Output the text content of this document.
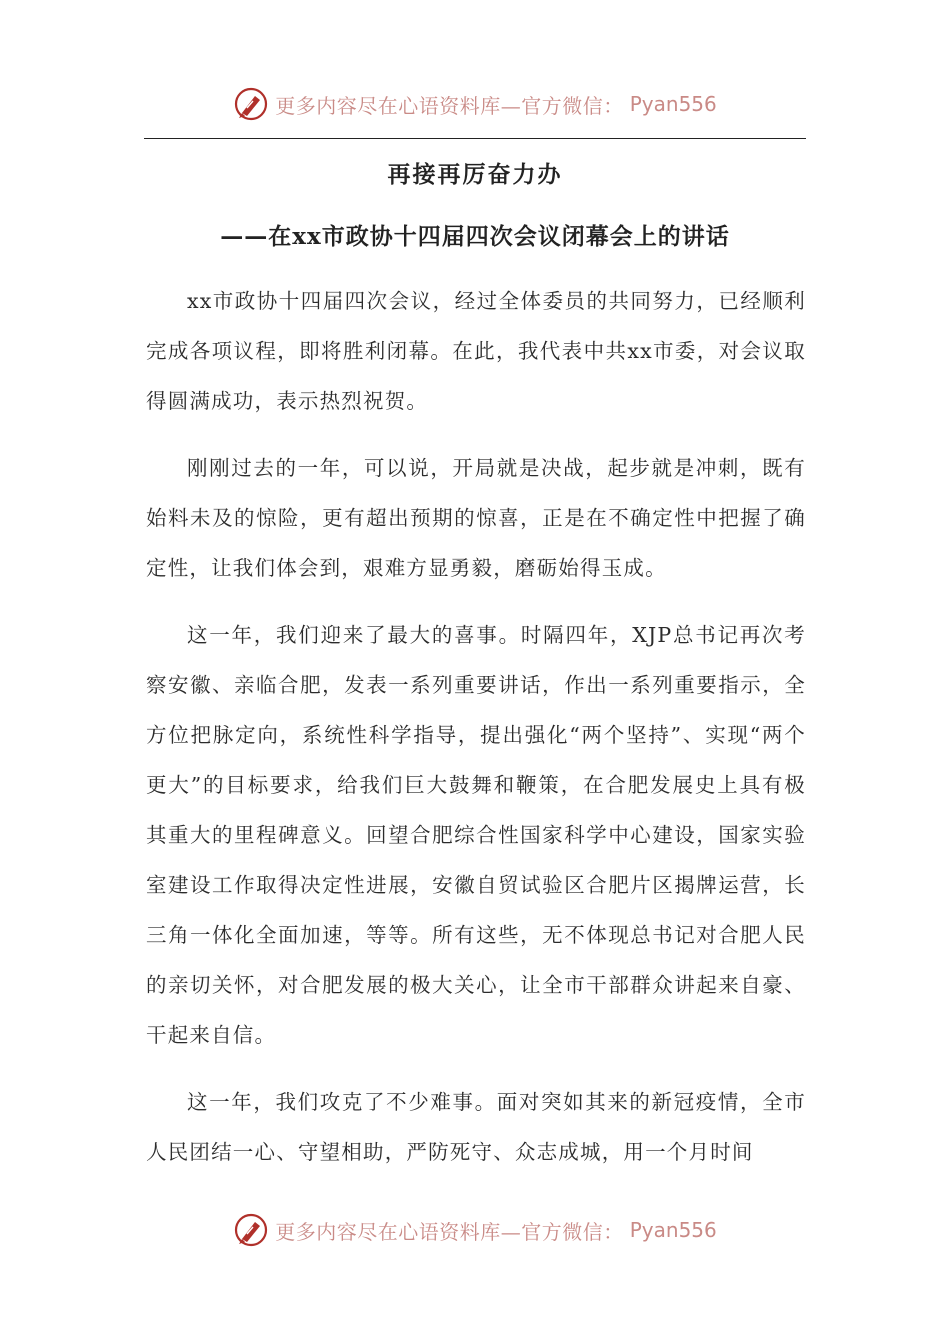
更多内容尽在心语资料库—官方微信： Pyan556
再接再厉奋力办
——在xx市政协十四届四次会议闭幕会上的讲话

xx市政协十四届四次会议，经过全体委员的共同努力，已经顺利完成各项议程，即将胜利闭幕。在此，我代表中共xx市委，对会议取得圆满成功，表示热烈祝贺。

刚刚过去的一年，可以说，开局就是决战，起步就是冲刺，既有始料未及的惊险，更有超出预期的惊喜，正是在不确定性中把握了确定性，让我们体会到，艰难方显勇毅，磨砺始得玉成。

这一年，我们迎来了最大的喜事。时隔四年，XJP总书记再次考察安徽、亲临合肥，发表一系列重要讲话，作出一系列重要指示，全方位把脉定向，系统性科学指导，提出强化“两个坚持”、实现“两个更大”的目标要求，给我们巨大鼓舞和鞭策，在合肥发展史上具有极其重大的里程碑意义。回望合肥综合性国家科学中心建设，国家实验室建设工作取得决定性进展，安徽自贸试验区合肥片区揭牌运营，长三角一体化全面加速，等等。所有这些，无不体现总书记对合肥人民的亲切关怀，对合肥发展的极大关心，让全市干部群众讲起来自豪、干起来自信。

这一年，我们攻克了不少难事。面对突如其来的新冠疫情，全市人民团结一心、守望相助，严防死守、众志成城，用一个月时间

更多内容尽在心语资料库—官方微信： Pyan556
